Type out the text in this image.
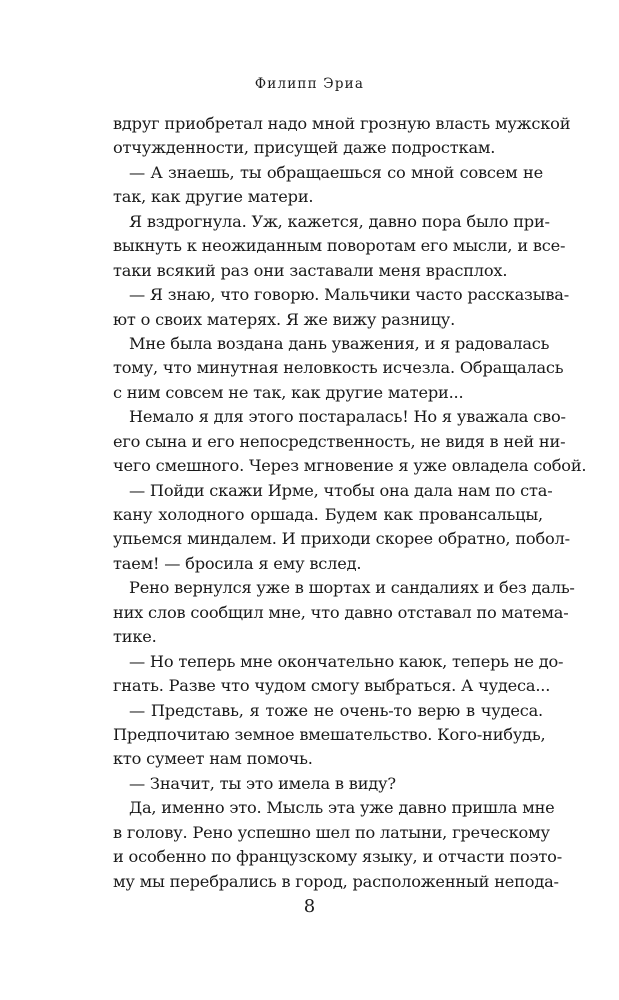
Филипп Эриа
вдруг приобретал надо мной грозную власть мужской
отчужденности, присущей даже подросткам.
— А знаешь, ты обращаешься со мной совсем не
так, как другие матери.
Я вздрогнула. Уж, кажется, давно пора было при-
выкнуть к неожиданным поворотам его мысли, и все-
таки всякий раз они заставали меня врасплох.
— Я знаю, что говорю. Мальчики часто рассказыва-
ют о своих матерях. Я же вижу разницу.
Мне была воздана дань уважения, и я радовалась
тому, что минутная неловкость исчезла. Обращалась
с ним совсем не так, как другие матери...
Немало я для этого постаралась! Но я уважала сво-
его сына и его непосредственность, не видя в ней ни-
чего смешного. Через мгновение я уже овладела собой.
— Пойди скажи Ирме, чтобы она дала нам по ста-
кану холодного оршада. Будем как провансальцы,
упьемся миндалем. И приходи скорее обратно, побол-
таем! — бросила я ему вслед.
Рено вернулся уже в шортах и сандалиях и без даль-
них слов сообщил мне, что давно отставал по матема-
тике.
— Но теперь мне окончательно каюк, теперь не до-
гнать. Разве что чудом смогу выбраться. А чудеса...
— Представь, я тоже не очень-то верю в чудеса.
Предпочитаю земное вмешательство. Кого-нибудь,
кто сумеет нам помочь.
— Значит, ты это имела в виду?
Да, именно это. Мысль эта уже давно пришла мне
в голову. Рено успешно шел по латыни, греческому
и особенно по французскому языку, и отчасти поэто-
му мы перебрались в город, расположенный непода-
8
